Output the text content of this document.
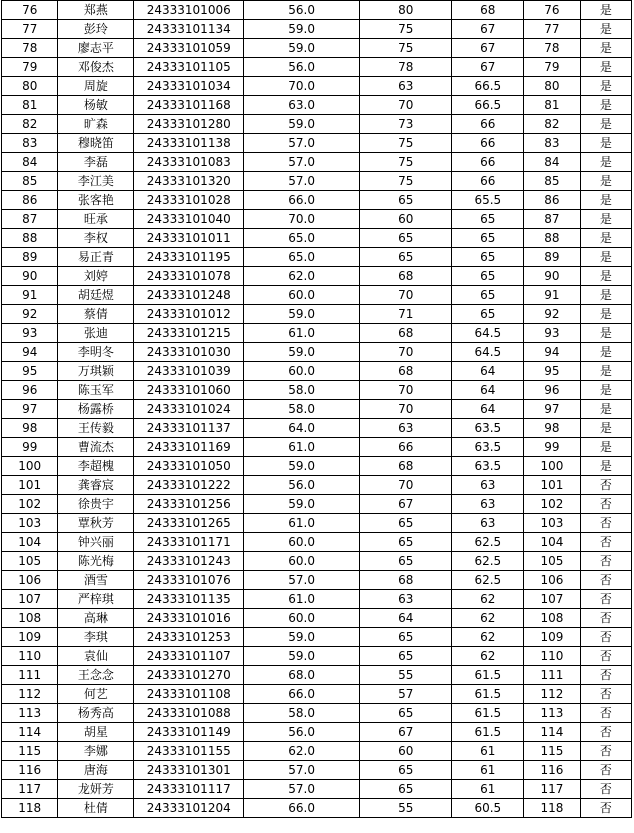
76	郑燕	24333101006	56.0	80	68	76	是
77	彭玲	24333101134	59.0	75	67	77	是
78	廖志平	24333101059	59.0	75	67	78	是
79	邓俊杰	24333101105	56.0	78	67	79	是
80	周旋	24333101034	70.0	63	66.5	80	是
81	杨敏	24333101168	63.0	70	66.5	81	是
82	旷森	24333101280	59.0	73	66	82	是
83	穆晓笛	24333101138	57.0	75	66	83	是
84	李磊	24333101083	57.0	75	66	84	是
85	李江美	24333101320	57.0	75	66	85	是
86	张客艳	24333101028	66.0	65	65.5	86	是
87	旺承	24333101040	70.0	60	65	87	是
88	李权	24333101011	65.0	65	65	88	是
89	易正青	24333101195	65.0	65	65	89	是
90	刘婷	24333101078	62.0	68	65	90	是
91	胡廷煜	24333101248	60.0	70	65	91	是
92	蔡倩	24333101012	59.0	71	65	92	是
93	张迪	24333101215	61.0	68	64.5	93	是
94	李明冬	24333101030	59.0	70	64.5	94	是
95	万琪颖	24333101039	60.0	68	64	95	是
96	陈玉军	24333101060	58.0	70	64	96	是
97	杨露桥	24333101024	58.0	70	64	97	是
98	王传毅	24333101137	64.0	63	63.5	98	是
99	曹流杰	24333101169	61.0	66	63.5	99	是
100	李超槐	24333101050	59.0	68	63.5	100	是
101	龚睿宸	24333101222	56.0	70	63	101	否
102	徐贵宇	24333101256	59.0	67	63	102	否
103	覃秋芳	24333101265	61.0	65	63	103	否
104	钟兴丽	24333101171	60.0	65	62.5	104	否
105	陈光梅	24333101243	60.0	65	62.5	105	否
106	酒雪	24333101076	57.0	68	62.5	106	否
107	严梓琪	24333101135	61.0	63	62	107	否
108	高琳	24333101016	60.0	64	62	108	否
109	李琪	24333101253	59.0	65	62	109	否
110	袁仙	24333101107	59.0	65	62	110	否
111	王念念	24333101270	68.0	55	61.5	111	否
112	何艺	24333101108	66.0	57	61.5	112	否
113	杨秀高	24333101088	58.0	65	61.5	113	否
114	胡星	24333101149	56.0	67	61.5	114	否
115	李娜	24333101155	62.0	60	61	115	否
116	唐海	24333101301	57.0	65	61	116	否
117	龙妍芳	24333101117	57.0	65	61	117	否
118	杜倩	24333101204	66.0	55	60.5	118	否
